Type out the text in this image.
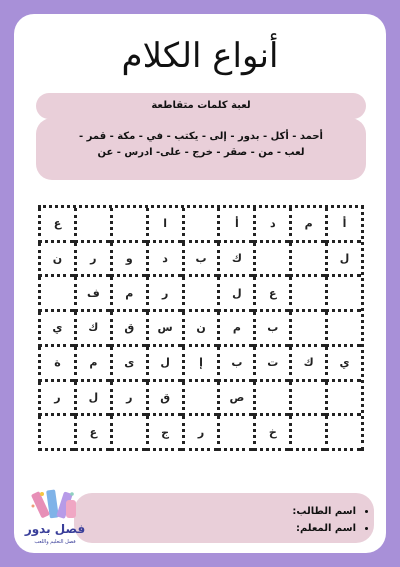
أنواع الكلام
لعبة كلمات متقاطعة
أحمد - أكل - بدور - إلى - يكتب - في - مكة - قمر -
لعب - من - صقر - خرج - على- ادرس - عن
أ
م
د
أ
ا
ع
ل
ك
ب
د
و
ر
ن
ع
ل
ر
م
ف
ب
م
ن
س
ق
ك
ي
ي
ك
ت
ب
إ
ل
ى
م
ة
ص
ق
ر
ل
ر
خ
ر
ج
ع
• اسم الطالب:
• اسم المعلم:
فصل بدور
فصل التعليم واللعب
